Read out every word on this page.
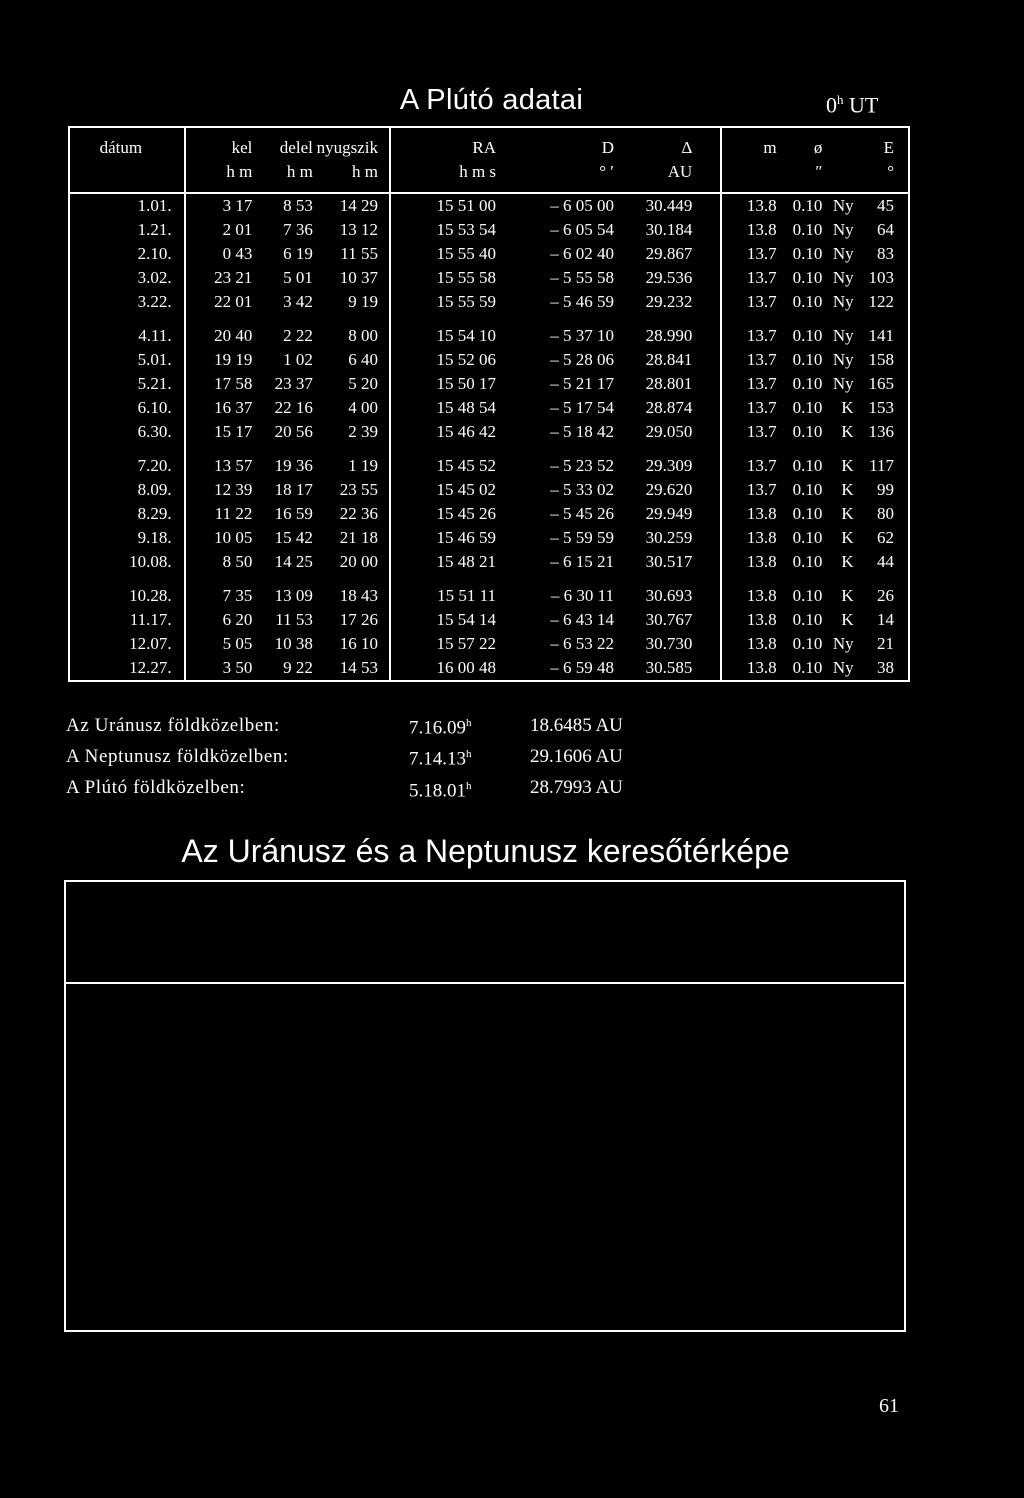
A Plútó adatai	0$^h$ UT
dátum	kel	delel	nyugszik	RA	D	Δ	m	ø		E
	h m	h m	h m	h m s	° ′	AU		″		°
1.01.	3 17	8 53	14 29	15 51 00	– 6 05 00	30.449	13.8	0.10	Ny	45
1.21.	2 01	7 36	13 12	15 53 54	– 6 05 54	30.184	13.8	0.10	Ny	64
2.10.	0 43	6 19	11 55	15 55 40	– 6 02 40	29.867	13.7	0.10	Ny	83
3.02.	23 21	5 01	10 37	15 55 58	– 5 55 58	29.536	13.7	0.10	Ny	103
3.22.	22 01	3 42	9 19	15 55 59	– 5 46 59	29.232	13.7	0.10	Ny	122

4.11.	20 40	2 22	8 00	15 54 10	– 5 37 10	28.990	13.7	0.10	Ny	141
5.01.	19 19	1 02	6 40	15 52 06	– 5 28 06	28.841	13.7	0.10	Ny	158
5.21.	17 58	23 37	5 20	15 50 17	– 5 21 17	28.801	13.7	0.10	Ny	165
6.10.	16 37	22 16	4 00	15 48 54	– 5 17 54	28.874	13.7	0.10	K	153
6.30.	15 17	20 56	2 39	15 46 42	– 5 18 42	29.050	13.7	0.10	K	136

7.20.	13 57	19 36	1 19	15 45 52	– 5 23 52	29.309	13.7	0.10	K	117
8.09.	12 39	18 17	23 55	15 45 02	– 5 33 02	29.620	13.7	0.10	K	99
8.29.	11 22	16 59	22 36	15 45 26	– 5 45 26	29.949	13.8	0.10	K	80
9.18.	10 05	15 42	21 18	15 46 59	– 5 59 59	30.259	13.8	0.10	K	62
10.08.	8 50	14 25	20 00	15 48 21	– 6 15 21	30.517	13.8	0.10	K	44

10.28.	7 35	13 09	18 43	15 51 11	– 6 30 11	30.693	13.8	0.10	K	26
11.17.	6 20	11 53	17 26	15 54 14	– 6 43 14	30.767	13.8	0.10	K	14
12.07.	5 05	10 38	16 10	15 57 22	– 6 53 22	30.730	13.8	0.10	Ny	21
12.27.	3 50	9 22	14 53	16 00 48	– 6 59 48	30.585	13.8	0.10	Ny	38
Az Uránusz földközelben:	7.16.09$^h$	18.6485 AU
A Neptunusz földközelben:	7.14.13$^h$	29.1606 AU
A Plútó földközelben:	5.18.01$^h$	28.7993 AU
Az Uránusz és a Neptunusz keresőtérképe
61
